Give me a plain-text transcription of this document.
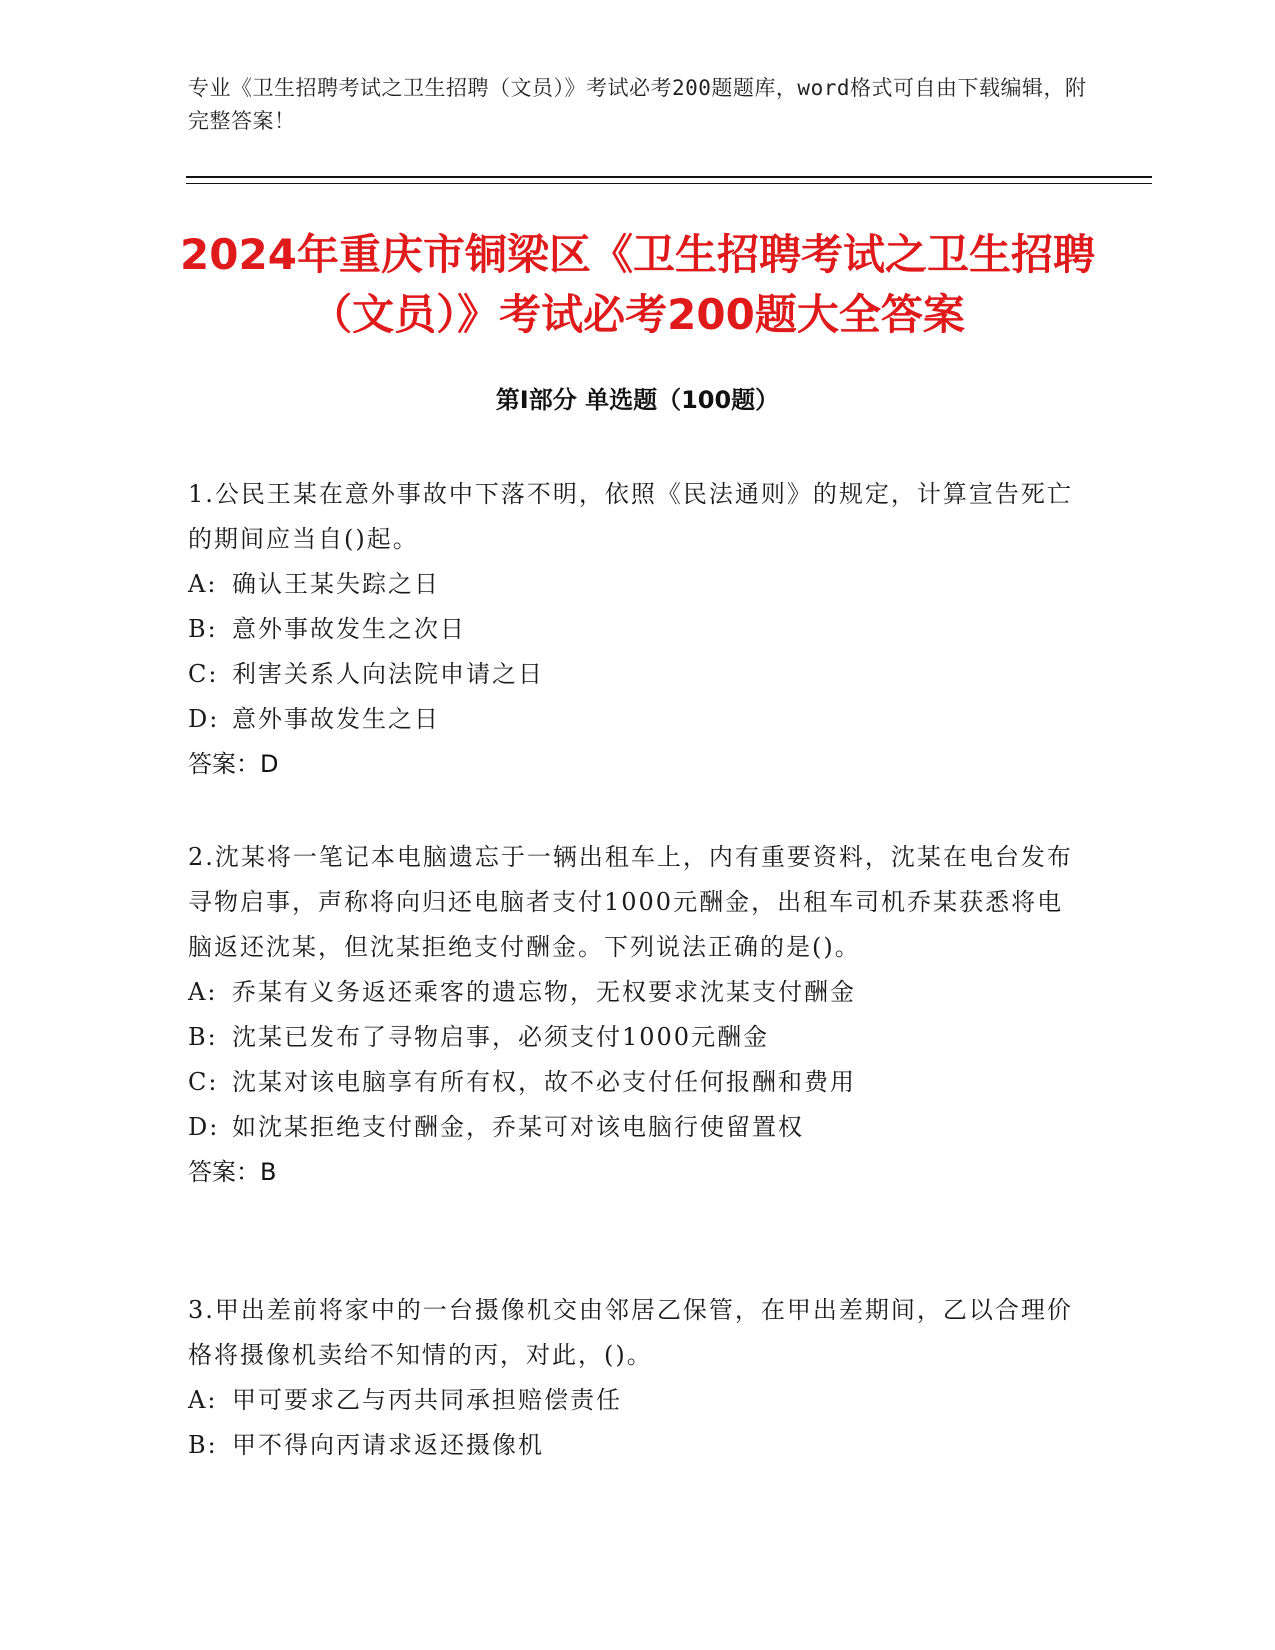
专业《卫生招聘考试之卫生招聘（文员）》考试必考200题题库，word格式可自由下载编辑，附完整答案！
2024年重庆市铜梁区《卫生招聘考试之卫生招聘（文员）》考试必考200题大全答案
第I部分 单选题（100题）
1.公民王某在意外事故中下落不明，依照《民法通则》的规定，计算宣告死亡的期间应当自()起。
A: 确认王某失踪之日
B: 意外事故发生之次日
C: 利害关系人向法院申请之日
D: 意外事故发生之日
答案：D
2.沈某将一笔记本电脑遗忘于一辆出租车上，内有重要资料，沈某在电台发布寻物启事，声称将向归还电脑者支付1000元酬金，出租车司机乔某获悉将电脑返还沈某，但沈某拒绝支付酬金。下列说法正确的是()。
A: 乔某有义务返还乘客的遗忘物，无权要求沈某支付酬金
B: 沈某已发布了寻物启事，必须支付1000元酬金
C: 沈某对该电脑享有所有权，故不必支付任何报酬和费用
D: 如沈某拒绝支付酬金，乔某可对该电脑行使留置权
答案：B
3.甲出差前将家中的一台摄像机交由邻居乙保管，在甲出差期间，乙以合理价格将摄像机卖给不知情的丙，对此，()。
A: 甲可要求乙与丙共同承担赔偿责任
B: 甲不得向丙请求返还摄像机
